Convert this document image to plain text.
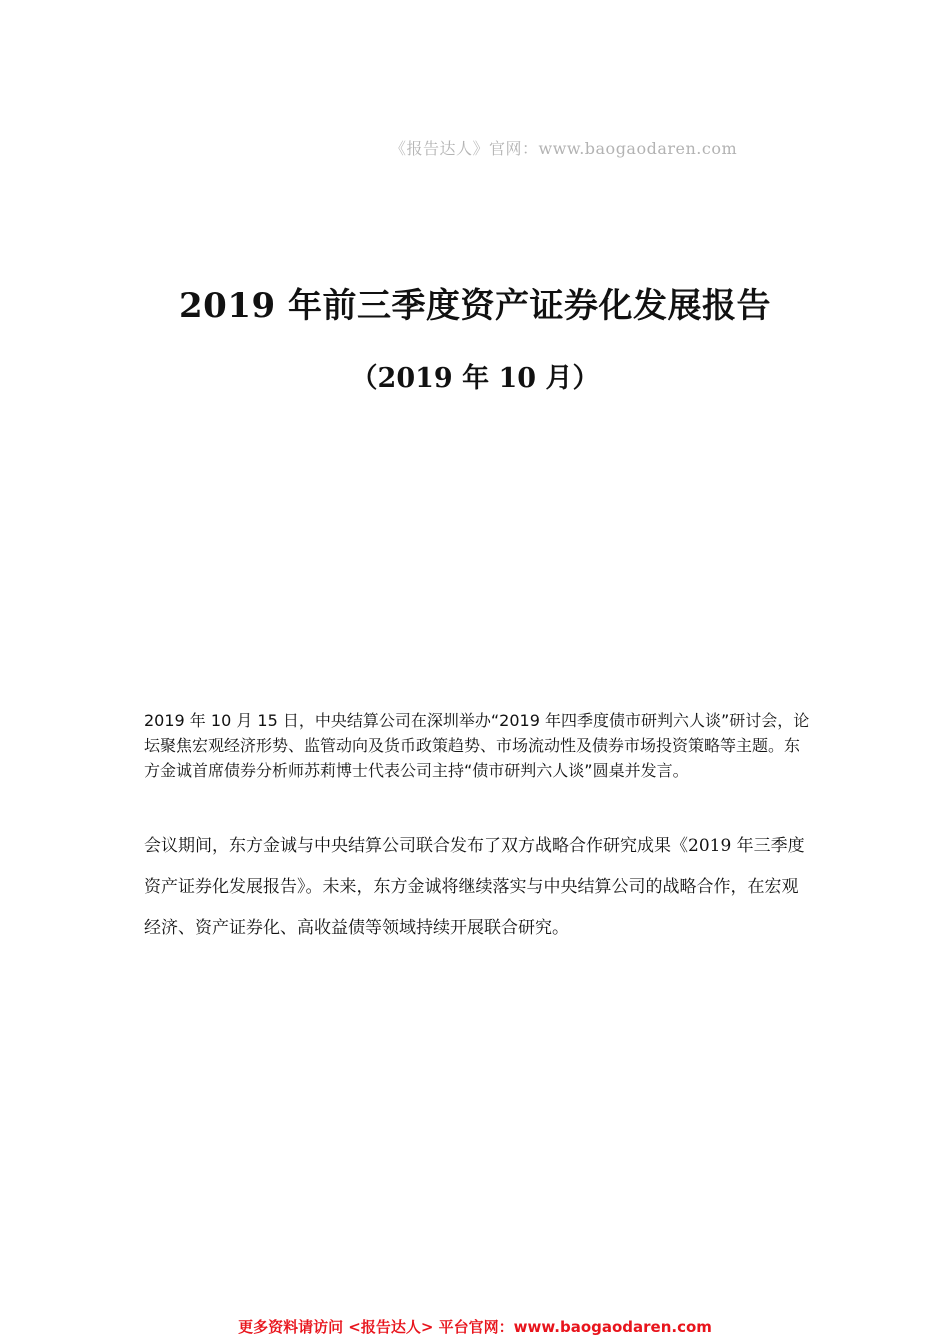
《报告达人》官网：www.baogaodaren.com
2019 年前三季度资产证券化发展报告
（2019 年 10 月）

2019 年 10 月 15 日，中央结算公司在深圳举办“2019 年四季度债市研判六人谈”研讨会，论坛聚焦宏观经济形势、监管动向及货币政策趋势、市场流动性及债券市场投资策略等主题。东方金诚首席债券分析师苏莉博士代表公司主持“债市研判六人谈”圆桌并发言。

会议期间，东方金诚与中央结算公司联合发布了双方战略合作研究成果《2019 年三季度资产证券化发展报告》。未来，东方金诚将继续落实与中央结算公司的战略合作，在宏观经济、资产证券化、高收益债等领域持续开展联合研究。

更多资料请访问 <报告达人> 平台官网：www.baogaodaren.com
